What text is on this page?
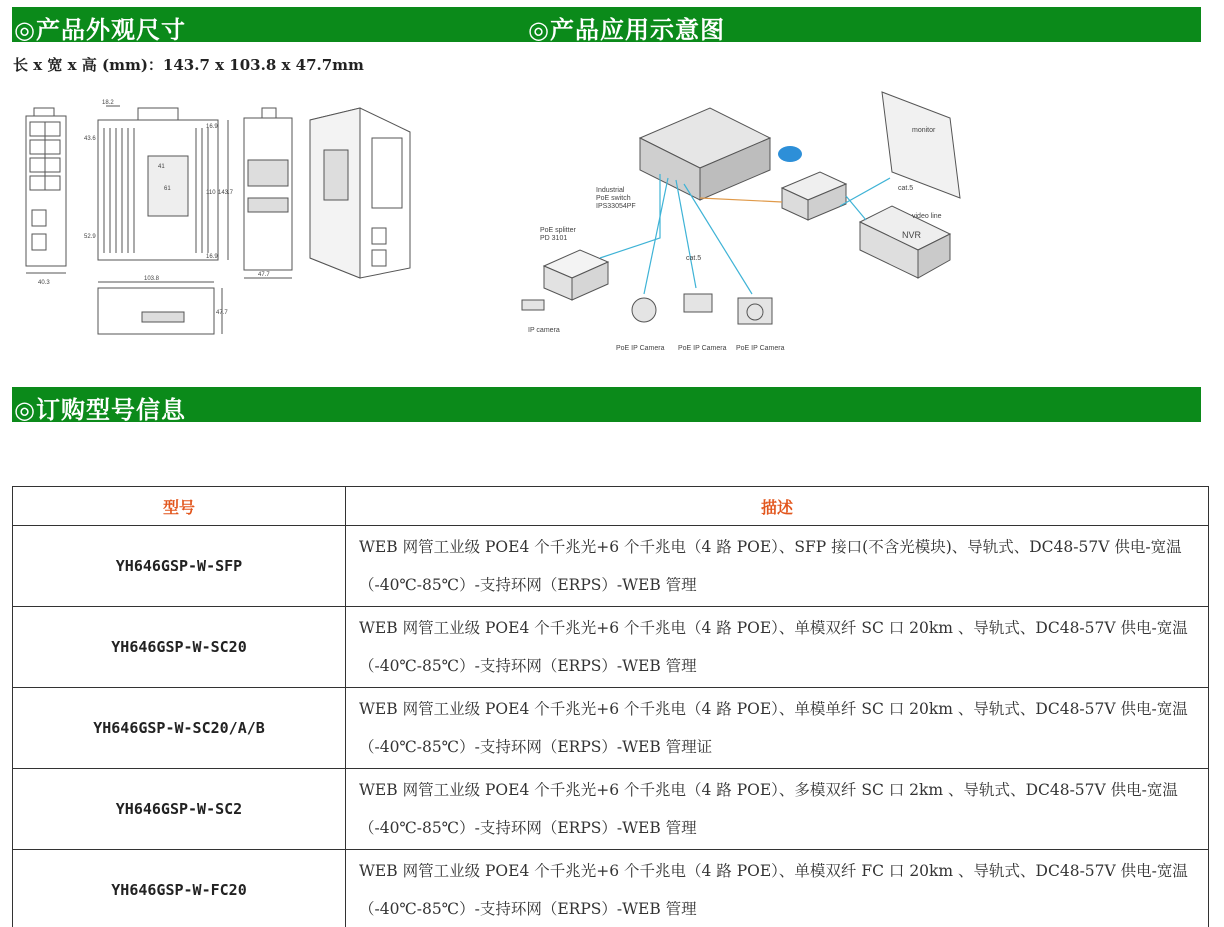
◎产品外观尺寸	◎产品应用示意图
长 x 宽 x 高 (mm)：143.7 x 103.8 x 47.7mm
40.3
18.2
43.6
52.9
41
61
16.9
110 143.7
16.9
47.7
103.8
47.7
Industrial
PoE switch
IPS33054PF
PoE splitter
PD 3101
cat.5
cat.5
video line
monitor
NVR
IP camera
PoE IP Camera PoE IP Camera PoE IP Camera
◎订购型号信息
型号	描述
YH646GSP-W-SFP	WEB 网管工业级 POE4 个千兆光+6 个千兆电（4 路 POE）、SFP 接口(不含光模块)、导轨式、DC48-57V 供电-宽温（-40℃-85℃）-支持环网（ERPS）-WEB 管理
YH646GSP-W-SC20	WEB 网管工业级 POE4 个千兆光+6 个千兆电（4 路 POE）、单模双纤 SC 口 20km 、导轨式、DC48-57V 供电-宽温（-40℃-85℃）-支持环网（ERPS）-WEB 管理
YH646GSP-W-SC20/A/B	WEB 网管工业级 POE4 个千兆光+6 个千兆电（4 路 POE）、单模单纤 SC 口 20km 、导轨式、DC48-57V 供电-宽温（-40℃-85℃）-支持环网（ERPS）-WEB 管理证
YH646GSP-W-SC2	WEB 网管工业级 POE4 个千兆光+6 个千兆电（4 路 POE）、多模双纤 SC 口 2km 、导轨式、DC48-57V 供电-宽温（-40℃-85℃）-支持环网（ERPS）-WEB 管理
YH646GSP-W-FC20	WEB 网管工业级 POE4 个千兆光+6 个千兆电（4 路 POE）、单模双纤 FC 口 20km 、导轨式、DC48-57V 供电-宽温（-40℃-85℃）-支持环网（ERPS）-WEB 管理
